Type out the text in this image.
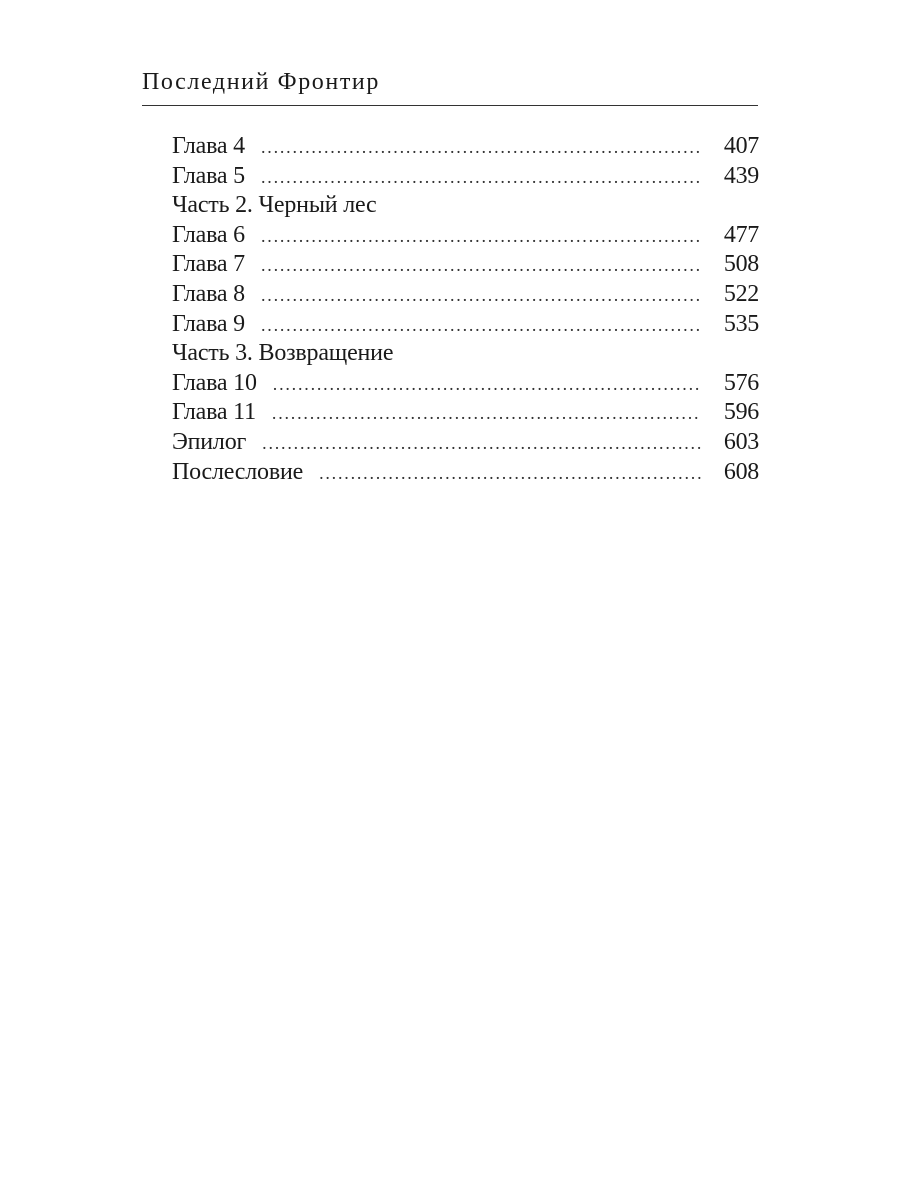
Последний Фронтир
Глава 4 . . .	407
Глава 5 . . .	439
Часть 2. Черный лес
Глава 6 . . .	477
Глава 7 . . .	508
Глава 8 . . .	522
Глава 9 . . .	535
Часть 3. Возвращение
Глава 10 . . .	576
Глава 11 . . .	596
Эпилог . . .	603
Послесловие . . .	608
